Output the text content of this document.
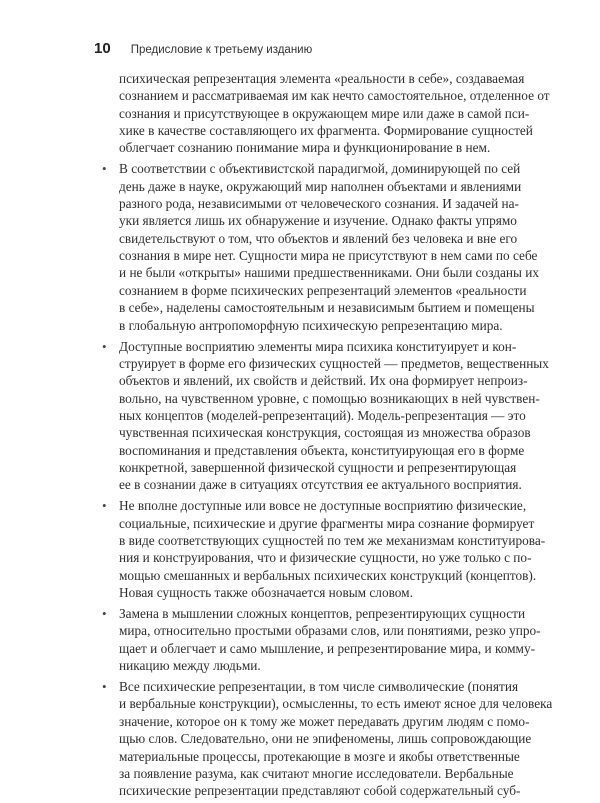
10 Предисловие к третьему изданию
психическая репрезентация элемента «реальности в себе», создаваемая
сознанием и рассматриваемая им как нечто самостоятельное, отделенное от
сознания и присутствующее в окружающем мире или даже в самой пси-
хике в качестве составляющего их фрагмента. Формирование сущностей
облегчает сознанию понимание мира и функционирование в нем.
• В соответствии с объективистской парадигмой, доминирующей по сей
день даже в науке, окружающий мир наполнен объектами и явлениями
разного рода, независимыми от человеческого сознания. И задачей на-
уки является лишь их обнаружение и изучение. Однако факты упрямо
свидетельствуют о том, что объектов и явлений без человека и вне его
сознания в мире нет. Сущности мира не присутствуют в нем сами по себе
и не были «открыты» нашими предшественниками. Они были созданы их
сознанием в форме психических репрезентаций элементов «реальности
в себе», наделены самостоятельным и независимым бытием и помещены
в глобальную антропоморфную психическую репрезентацию мира.
• Доступные восприятию элементы мира психика конституирует и кон-
струирует в форме его физических сущностей — предметов, вещественных
объектов и явлений, их свойств и действий. Их она формирует непроиз-
вольно, на чувственном уровне, с помощью возникающих в ней чувствен-
ных концептов (моделей-репрезентаций). Модель-репрезентация — это
чувственная психическая конструкция, состоящая из множества образов
воспоминания и представления объекта, конституирующая его в форме
конкретной, завершенной физической сущности и репрезентирующая
ее в сознании даже в ситуациях отсутствия ее актуального восприятия.
• Не вполне доступные или вовсе не доступные восприятию физические,
социальные, психические и другие фрагменты мира сознание формирует
в виде соответствующих сущностей по тем же механизмам конституирова-
ния и конструирования, что и физические сущности, но уже только с по-
мощью смешанных и вербальных психических конструкций (концептов).
Новая сущность также обозначается новым словом.
• Замена в мышлении сложных концептов, репрезентирующих сущности
мира, относительно простыми образами слов, или понятиями, резко упро-
щает и облегчает и само мышление, и репрезентирование мира, и комму-
никацию между людьми.
• Все психические репрезентации, в том числе символические (понятия
и вербальные конструкции), осмысленны, то есть имеют ясное для человека
значение, которое он к тому же может передавать другим людям с помо-
щью слов. Следовательно, они не эпифеномены, лишь сопровождающие
материальные процессы, протекающие в мозге и якобы ответственные
за появление разума, как считают многие исследователи. Вербальные
психические репрезентации представляют собой содержательный суб-
